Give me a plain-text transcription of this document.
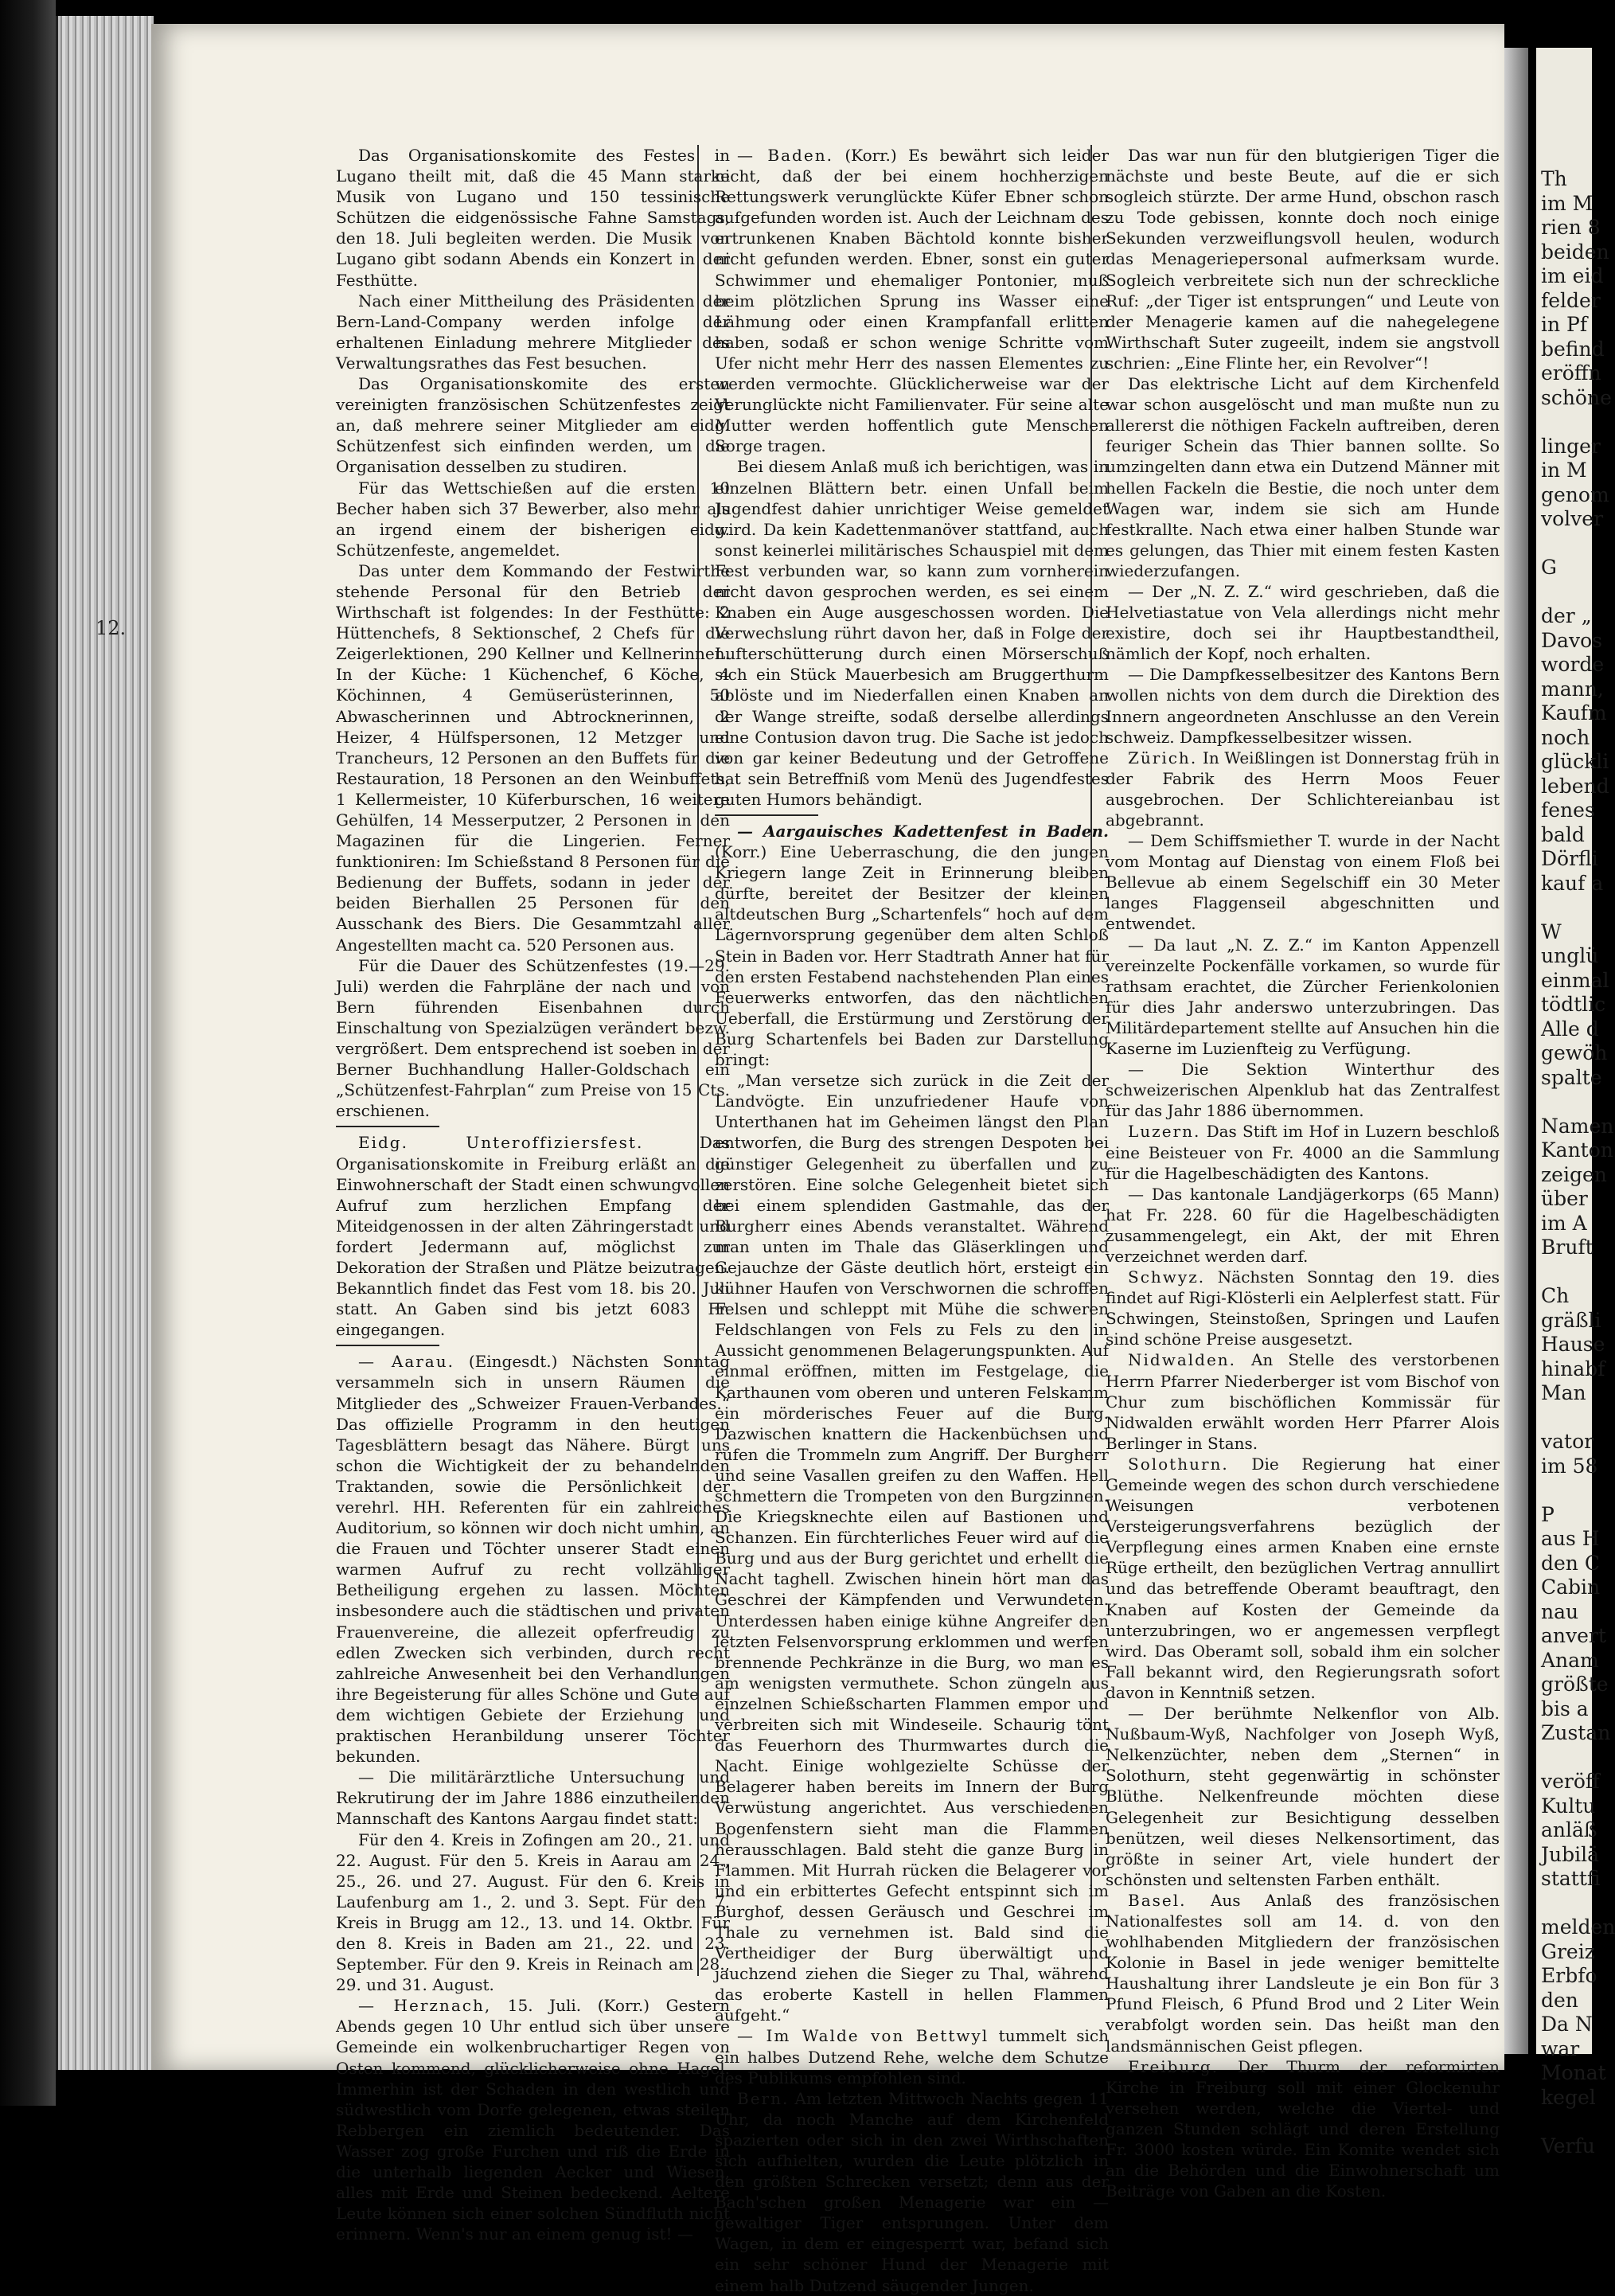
12.

Das Organisationskomite des Festes in Lugano theilt mit, daß die 45 Mann starke Musik von Lugano und 150 tessinische Schützen die eidgenössische Fahne Samstags, den 18. Juli begleiten werden. Die Musik von Lugano gibt sodann Abends ein Konzert in der Festhütte.

Nach einer Mittheilung des Präsidenten der Bern-Land-Company werden infolge der erhaltenen Einladung mehrere Mitglieder des Verwaltungsrathes das Fest besuchen.

Das Organisationskomite des ersten vereinigten französischen Schützenfestes zeigt an, daß mehrere seiner Mitglieder am eidg. Schützenfest sich einfinden werden, um die Organisation desselben zu studiren.

Für das Wettschießen auf die ersten 10 Becher haben sich 37 Bewerber, also mehr als an irgend einem der bisherigen eidg. Schützenfeste, angemeldet.

Das unter dem Kommando der Festwirthe stehende Personal für den Betrieb der Wirthschaft ist folgendes: In der Festhütte: 2 Hüttenchefs, 8 Sektionschef, 2 Chefs für die Zeigerlektionen, 290 Kellner und Kellnerinnen. In der Küche: 1 Küchenchef, 6 Köche, 4 Köchinnen, 4 Gemüserüsterinnen, 50 Abwascherinnen und Abtrocknerinnen, 2 Heizer, 4 Hülfspersonen, 12 Metzger und Trancheurs, 12 Personen an den Buffets für die Restauration, 18 Personen an den Weinbuffets, 1 Kellermeister, 10 Küferburschen, 16 weitere Gehülfen, 14 Messerputzer, 2 Personen in den Magazinen für die Lingerien. Ferner funktioniren: Im Schießstand 8 Personen für die Bedienung der Buffets, sodann in jeder der beiden Bierhallen 25 Personen für den Ausschank des Biers. Die Gesammtzahl aller Angestellten macht ca. 520 Personen aus.

Für die Dauer des Schützenfestes (19.—29. Juli) werden die Fahrpläne der nach und von Bern führenden Eisenbahnen durch Einschaltung von Spezialzügen verändert bezw. vergrößert. Dem entsprechend ist soeben in der Berner Buchhandlung Haller-Goldschach ein „Schützenfest-Fahrplan“ zum Preise von 15 Cts. erschienen.

Eidg. Unteroffiziersfest. Das Organisationskomite in Freiburg erläßt an die Einwohnerschaft der Stadt einen schwungvollen Aufruf zum herzlichen Empfang der Miteidgenossen in der alten Zähringerstadt und fordert Jedermann auf, möglichst zur Dekoration der Straßen und Plätze beizutragen. Bekanntlich findet das Fest vom 18. bis 20. Juli statt. An Gaben sind bis jetzt 6083 Fr. eingegangen.

— Aarau. (Eingesdt.) Nächsten Sonntag versammeln sich in unsern Räumen die Mitglieder des „Schweizer Frauen-Verbandes.“ Das offizielle Programm in den heutigen Tagesblättern besagt das Nähere. Bürgt uns schon die Wichtigkeit der zu behandelnden Traktanden, sowie die Persönlichkeit der verehrl. HH. Referenten für ein zahlreiches Auditorium, so können wir doch nicht umhin, an die Frauen und Töchter unserer Stadt einen warmen Aufruf zu recht vollzähliger Betheiligung ergehen zu lassen. Möchten insbesondere auch die städtischen und privaten Frauenvereine, die allezeit opferfreudig zu edlen Zwecken sich verbinden, durch recht zahlreiche Anwesenheit bei den Verhandlungen ihre Begeisterung für alles Schöne und Gute auf dem wichtigen Gebiete der Erziehung und praktischen Heranbildung unserer Töchter bekunden.

— Die militärärztliche Untersuchung und Rekrutirung der im Jahre 1886 einzutheilenden Mannschaft des Kantons Aargau findet statt:

Für den 4. Kreis in Zofingen am 20., 21. und 22. August. Für den 5. Kreis in Aarau am 24., 25., 26. und 27. August. Für den 6. Kreis in Laufenburg am 1., 2. und 3. Sept. Für den 7. Kreis in Brugg am 12., 13. und 14. Oktbr. Für den 8. Kreis in Baden am 21., 22. und 23. September. Für den 9. Kreis in Reinach am 28., 29. und 31. August.

— Herznach, 15. Juli. (Korr.) Gestern Abends gegen 10 Uhr entlud sich über unsere Gemeinde ein wolkenbruchartiger Regen von Osten kommend, glücklicherweise ohne Hagel. Immerhin ist der Schaden in den westlich und südwestlich vom Dorfe gelegenen, etwas steilen Rebbergen ein ziemlich bedeutender. Das Wasser zog große Furchen und riß die Erde in die unterhalb liegenden Aecker und Wiesen, alles mit Erde und Steinen bedeckend. Aeltere Leute können sich einer solchen Sündfluth nicht erinnern. Wenn's nur an einem genug ist! —

— Baden. (Korr.) Es bewährt sich leider nicht, daß der bei einem hochherzigen Rettungswerk verunglückte Küfer Ebner schon aufgefunden worden ist. Auch der Leichnam des ertrunkenen Knaben Bächtold konnte bisher nicht gefunden werden. Ebner, sonst ein guter Schwimmer und ehemaliger Pontonier, muß beim plötzlichen Sprung ins Wasser eine Lähmung oder einen Krampfanfall erlitten haben, sodaß er schon wenige Schritte vom Ufer nicht mehr Herr des nassen Elementes zu werden vermochte. Glücklicherweise war der Verunglückte nicht Familienvater. Für seine alte Mutter werden hoffentlich gute Menschen Sorge tragen.

Bei diesem Anlaß muß ich berichtigen, was in einzelnen Blättern betr. einen Unfall beim Jugendfest dahier unrichtiger Weise gemeldet wird. Da kein Kadettenmanöver stattfand, auch sonst keinerlei militärisches Schauspiel mit dem Fest verbunden war, so kann zum vornherein nicht davon gesprochen werden, es sei einem Knaben ein Auge ausgeschossen worden. Die Verwechslung rührt davon her, daß in Folge der Lufterschütterung durch einen Mörserschuß sich ein Stück Mauerbesich am Bruggerthurm ablöste und im Niederfallen einen Knaben an der Wange streifte, sodaß derselbe allerdings eine Contusion davon trug. Die Sache ist jedoch von gar keiner Bedeutung und der Getroffene hat sein Betreffniß vom Menü des Jugendfestes guten Humors behändigt.

— Aargauisches Kadettenfest in Baden. (Korr.) Eine Ueberraschung, die den jungen Kriegern lange Zeit in Erinnerung bleiben dürfte, bereitet der Besitzer der kleinen altdeutschen Burg „Schartenfels“ hoch auf dem Lägernvorsprung gegenüber dem alten Schloß Stein in Baden vor. Herr Stadtrath Anner hat für den ersten Festabend nachstehenden Plan eines Feuerwerks entworfen, das den nächtlichen Ueberfall, die Erstürmung und Zerstörung der Burg Schartenfels bei Baden zur Darstellung bringt:

„Man versetze sich zurück in die Zeit der Landvögte. Ein unzufriedener Haufe von Unterthanen hat im Geheimen längst den Plan entworfen, die Burg des strengen Despoten bei günstiger Gelegenheit zu überfallen und zu zerstören. Eine solche Gelegenheit bietet sich bei einem splendiden Gastmahle, das der Burgherr eines Abends veranstaltet. Während man unten im Thale das Gläserklingen und Gejauchze der Gäste deutlich hört, ersteigt ein kühner Haufen von Verschwornen die schroffen Felsen und schleppt mit Mühe die schweren Feldschlangen von Fels zu Fels zu den in Aussicht genommenen Belagerungspunkten. Auf einmal eröffnen, mitten im Festgelage, die Karthaunen vom oberen und unteren Felskamm ein mörderisches Feuer auf die Burg. Dazwischen knattern die Hackenbüchsen und rufen die Trommeln zum Angriff. Der Burgherr und seine Vasallen greifen zu den Waffen. Hell schmettern die Trompeten von den Burgzinnen. Die Kriegsknechte eilen auf Bastionen und Schanzen. Ein fürchterliches Feuer wird auf die Burg und aus der Burg gerichtet und erhellt die Nacht taghell. Zwischen hinein hört man das Geschrei der Kämpfenden und Verwundeten. Unterdessen haben einige kühne Angreifer den letzten Felsenvorsprung erklommen und werfen brennende Pechkränze in die Burg, wo man es am wenigsten vermuthete. Schon züngeln aus einzelnen Schießscharten Flammen empor und verbreiten sich mit Windeseile. Schaurig tönt das Feuerhorn des Thurmwartes durch die Nacht. Einige wohlgezielte Schüsse der Belagerer haben bereits im Innern der Burg Verwüstung angerichtet. Aus verschiedenen Bogenfenstern sieht man die Flammen herausschlagen. Bald steht die ganze Burg in Flammen. Mit Hurrah rücken die Belagerer vor und ein erbittertes Gefecht entspinnt sich im Burghof, dessen Geräusch und Geschrei im Thale zu vernehmen ist. Bald sind die Vertheidiger der Burg überwältigt und jauchzend ziehen die Sieger zu Thal, während das eroberte Kastell in hellen Flammen aufgeht.“

— Im Walde von Bettwyl tummelt sich ein halbes Dutzend Rehe, welche dem Schutze des Publikums empfohlen sind.

Bern. Am letzten Mittwoch Nachts gegen 11 Uhr, da noch Manche auf dem Kirchenfeld spazierten oder sich in den zwei Wirthschaften sich aufhielten, wurden die Leute plötzlich in den größten Schrecken versetzt; denn aus der Bach'schen großen Menagerie war ein — gewaltiger Tiger entsprungen. Unter dem Wagen, in dem er eingesperrt war, befand sich ein sehr schöner Hund der Menagerie mit einem halb Dutzend säugender Jungen.

Das war nun für den blutgierigen Tiger die nächste und beste Beute, auf die er sich sogleich stürzte. Der arme Hund, obschon rasch zu Tode gebissen, konnte doch noch einige Sekunden verzweiflungsvoll heulen, wodurch das Menageriepersonal aufmerksam wurde. Sogleich verbreitete sich nun der schreckliche Ruf: „der Tiger ist entsprungen“ und Leute von der Menagerie kamen auf die nahegelegene Wirthschaft Suter zugeeilt, indem sie angstvoll schrien: „Eine Flinte her, ein Revolver“!

Das elektrische Licht auf dem Kirchenfeld war schon ausgelöscht und man mußte nun zu allererst die nöthigen Fackeln auftreiben, deren feuriger Schein das Thier bannen sollte. So umzingelten dann etwa ein Dutzend Männer mit hellen Fackeln die Bestie, die noch unter dem Wagen war, indem sie sich am Hunde festkrallte. Nach etwa einer halben Stunde war es gelungen, das Thier mit einem festen Kasten wiederzufangen.

— Der „N. Z. Z.“ wird geschrieben, daß die Helvetiastatue von Vela allerdings nicht mehr existire, doch sei ihr Hauptbestandtheil, nämlich der Kopf, noch erhalten.

— Die Dampfkesselbesitzer des Kantons Bern wollen nichts von dem durch die Direktion des Innern angeordneten Anschlusse an den Verein schweiz. Dampfkesselbesitzer wissen.

Zürich. In Weißlingen ist Donnerstag früh in der Fabrik des Herrn Moos Feuer ausgebrochen. Der Schlichtereianbau ist abgebrannt.

— Dem Schiffsmiether T. wurde in der Nacht vom Montag auf Dienstag von einem Floß bei Bellevue ab einem Segelschiff ein 30 Meter langes Flaggenseil abgeschnitten und entwendet.

— Da laut „N. Z. Z.“ im Kanton Appenzell vereinzelte Pockenfälle vorkamen, so wurde für rathsam erachtet, die Zürcher Ferienkolonien für dies Jahr anderswo unterzubringen. Das Militärdepartement stellte auf Ansuchen hin die Kaserne im Luzienfteig zu Verfügung.

— Die Sektion Winterthur des schweizerischen Alpenklub hat das Zentralfest für das Jahr 1886 übernommen.

Luzern. Das Stift im Hof in Luzern beschloß eine Beisteuer von Fr. 4000 an die Sammlung für die Hagelbeschädigten des Kantons.

— Das kantonale Landjägerkorps (65 Mann) hat Fr. 228. 60 für die Hagelbeschädigten zusammengelegt, ein Akt, der mit Ehren verzeichnet werden darf.

Schwyz. Nächsten Sonntag den 19. dies findet auf Rigi-Klösterli ein Aelplerfest statt. Für Schwingen, Steinstoßen, Springen und Laufen sind schöne Preise ausgesetzt.

Nidwalden. An Stelle des verstorbenen Herrn Pfarrer Niederberger ist vom Bischof von Chur zum bischöflichen Kommissär für Nidwalden erwählt worden Herr Pfarrer Alois Berlinger in Stans.

Solothurn. Die Regierung hat einer Gemeinde wegen des schon durch verschiedene Weisungen verbotenen Versteigerungsverfahrens bezüglich der Verpflegung eines armen Knaben eine ernste Rüge ertheilt, den bezüglichen Vertrag annullirt und das betreffende Oberamt beauftragt, den Knaben auf Kosten der Gemeinde da unterzubringen, wo er angemessen verpflegt wird. Das Oberamt soll, sobald ihm ein solcher Fall bekannt wird, den Regierungsrath sofort davon in Kenntniß setzen.

— Der berühmte Nelkenflor von Alb. Nußbaum-Wyß, Nachfolger von Joseph Wyß, Nelkenzüchter, neben dem „Sternen“ in Solothurn, steht gegenwärtig in schönster Blüthe. Nelkenfreunde möchten diese Gelegenheit zur Besichtigung desselben benützen, weil dieses Nelkensortiment, das größte in seiner Art, viele hundert der schönsten und seltensten Farben enthält.

Basel. Aus Anlaß des französischen Nationalfestes soll am 14. d. von den wohlhabenden Mitgliedern der französischen Kolonie in Basel in jede weniger bemittelte Haushaltung ihrer Landsleute je ein Bon für 3 Pfund Fleisch, 6 Pfund Brod und 2 Liter Wein verabfolgt worden sein. Das heißt man den landsmännischen Geist pflegen.

Freiburg. Der Thurm der reformirten Kirche in Freiburg soll mit einer Glockenuhr versehen werden, welche die Viertel- und ganzen Stunden schlägt und deren Erstellung Fr. 3000 kosten würde. Ein Komite wendet sich an die Behörden und die Einwohnerschaft um Beiträge von Gaben an die Kosten.

Th
im M
rien 8
beiden
im eid
felder
in Pf
befind
eröffn
schöne

linger
in M
genom
volver

G

der „
Davos
worde
mann,
Kaufm
noch
glückli
lebend
fenes
bald
Dörfli
kauf a

W
unglü
einmal
tödtlic
Alle d
gewöh
spalte

Namen
Kanton
zeigen
über
im A
Bruft

Ch
gräßli
Hause
hinabf
Man

vator
im 58

P
aus H
den C
Cabin
nau
anvert
Anam
größte
bis a
Zustan

veröff
Kultu
anläß
Jubilä
stattfi

melden
Greiz
Erbfo
den
Da N
war
Monat
kegel

Verfu
